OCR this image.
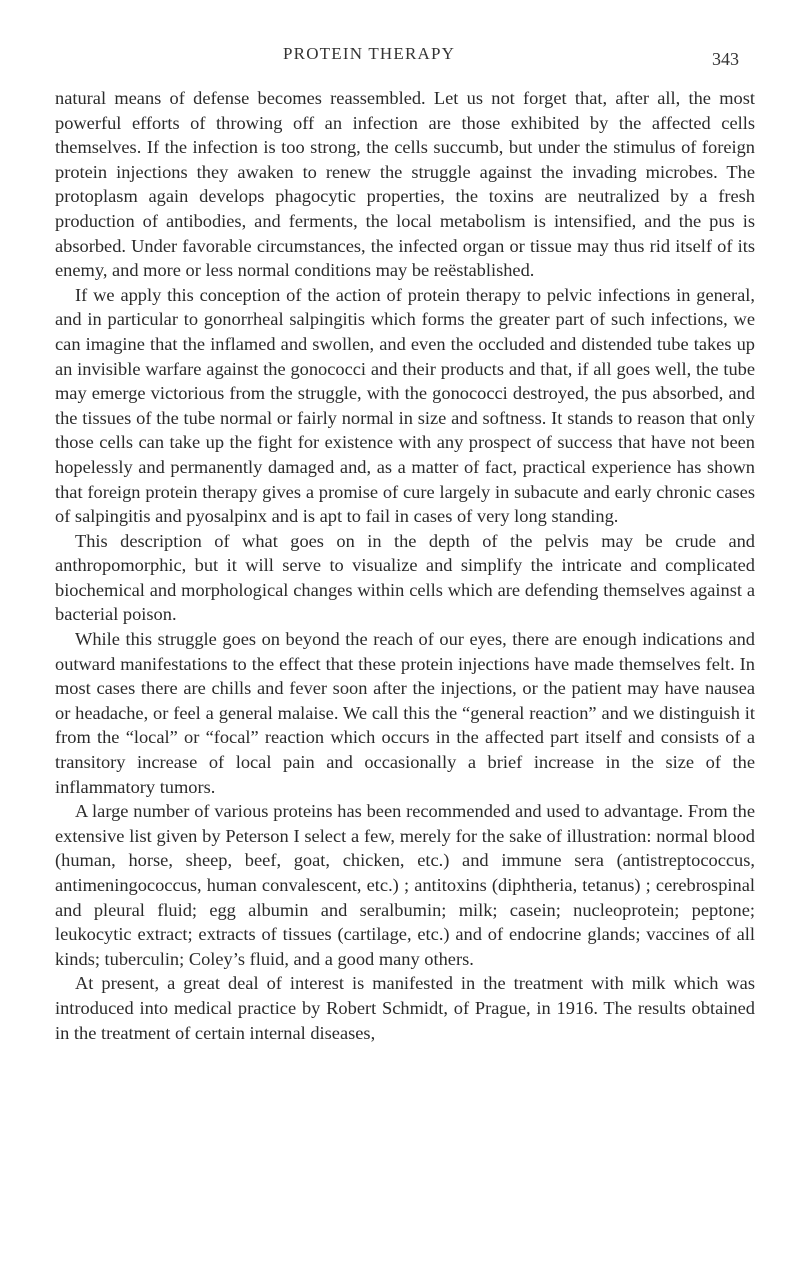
PROTEIN THERAPY	343

natural means of defense becomes reassembled. Let us not forget that, after all, the most powerful efforts of throwing off an infection are those exhibited by the affected cells themselves. If the infection is too strong, the cells succumb, but under the stimulus of foreign protein injections they awaken to renew the struggle against the invading microbes. The protoplasm again develops phagocytic properties, the toxins are neutralized by a fresh production of antibodies, and ferments, the local metabolism is intensified, and the pus is absorbed. Under favorable circumstances, the infected organ or tissue may thus rid itself of its enemy, and more or less normal conditions may be reëstablished.

If we apply this conception of the action of protein therapy to pelvic infections in general, and in particular to gonorrheal salpingitis which forms the greater part of such infections, we can imagine that the inflamed and swollen, and even the occluded and distended tube takes up an invisible warfare against the gonococci and their products and that, if all goes well, the tube may emerge victorious from the struggle, with the gonococci destroyed, the pus absorbed, and the tissues of the tube normal or fairly normal in size and softness. It stands to reason that only those cells can take up the fight for existence with any prospect of success that have not been hopelessly and permanently damaged and, as a matter of fact, practical experience has shown that foreign protein therapy gives a promise of cure largely in subacute and early chronic cases of salpingitis and pyosalpinx and is apt to fail in cases of very long standing.

This description of what goes on in the depth of the pelvis may be crude and anthropomorphic, but it will serve to visualize and simplify the intricate and complicated biochemical and morphological changes within cells which are defending themselves against a bacterial poison.

While this struggle goes on beyond the reach of our eyes, there are enough indications and outward manifestations to the effect that these protein injections have made themselves felt. In most cases there are chills and fever soon after the injections, or the patient may have nausea or headache, or feel a general malaise. We call this the “general reaction” and we distinguish it from the “local” or “focal” reaction which occurs in the affected part itself and consists of a transitory increase of local pain and occasionally a brief increase in the size of the inflammatory tumors.

A large number of various proteins has been recommended and used to advantage. From the extensive list given by Peterson I select a few, merely for the sake of illustration: normal blood (human, horse, sheep, beef, goat, chicken, etc.) and immune sera (antistreptococcus, antimeningococcus, human convalescent, etc.) ; antitoxins (diphtheria, tetanus) ; cerebrospinal and pleural fluid; egg albumin and seralbumin; milk; casein; nucleoprotein; peptone; leukocytic extract; extracts of tissues (cartilage, etc.) and of endocrine glands; vaccines of all kinds; tuberculin; Coley’s fluid, and a good many others.

At present, a great deal of interest is manifested in the treatment with milk which was introduced into medical practice by Robert Schmidt, of Prague, in 1916. The results obtained in the treatment of certain internal diseases,
